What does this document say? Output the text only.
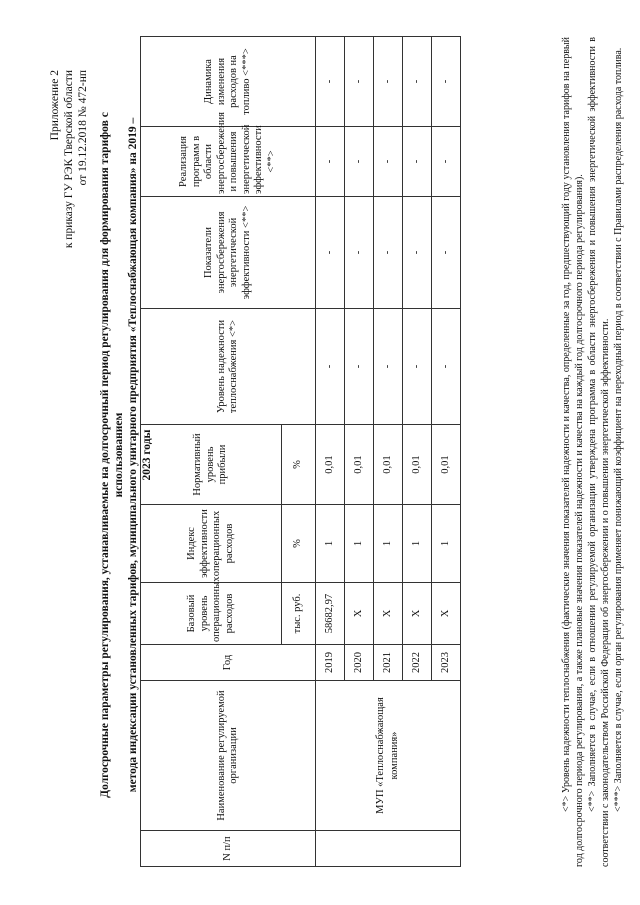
Приложение 2 к приказу ГУ РЭК Тверской области от 19.12.2018 № 472-нп Долгосрочные параметры регулирования, устанавливаемые на долгосрочный период регулирования для формирования тарифов с использованием метода индексации установленных тарифов, муниципального унитарного предприятия «Теплоснабжающая компания» на 2019 – 2023 годы
N п/п	Наименование регулируемой организации	Год	Базовый уровень операционных расходов	Индекс эффективности операционных расходов	Нормативный уровень прибыли	Уровень надежности теплоснабжения <*>	Показатели энергосбережения энергетической эффективности <**>	Реализация программ в области энергосбережения и повышения энергетической эффективности <**>	Динамика изменения расходов на топливо <***>
			тыс. руб.	%	%				
	МУП «Теплоснабжающая компания»	2019	58682,97	1	0,01	-	-	-	-
		2020	Х	1	0,01	-	-	-	-
		2021	Х	1	0,01	-	-	-	-
		2022	Х	1	0,01	-	-	-	-
		2023	Х	1	0,01	-	-	-	-	<*> Уровень надежности теплоснабжения (фактические значения показателей надежности и качества, определенные за год, предшествующий году установления тарифов на первый год долгосрочного периода регулирования, а также плановые значения показателей надежности и качества на каждый год долгосрочного периода регулирования). <**> Заполняется в случае, если в отношении регулируемой организации утверждена программа в области энергосбережения и повышения энергетической эффективности в соответствии с законодательством Российской Федерации об энергосбережении и о повышении энергетической эффективности. <***> Заполняется в случае, если орган регулирования применяет понижающий коэффициент на переходный период в соответствии с Правилами распределения расхода топлива.
